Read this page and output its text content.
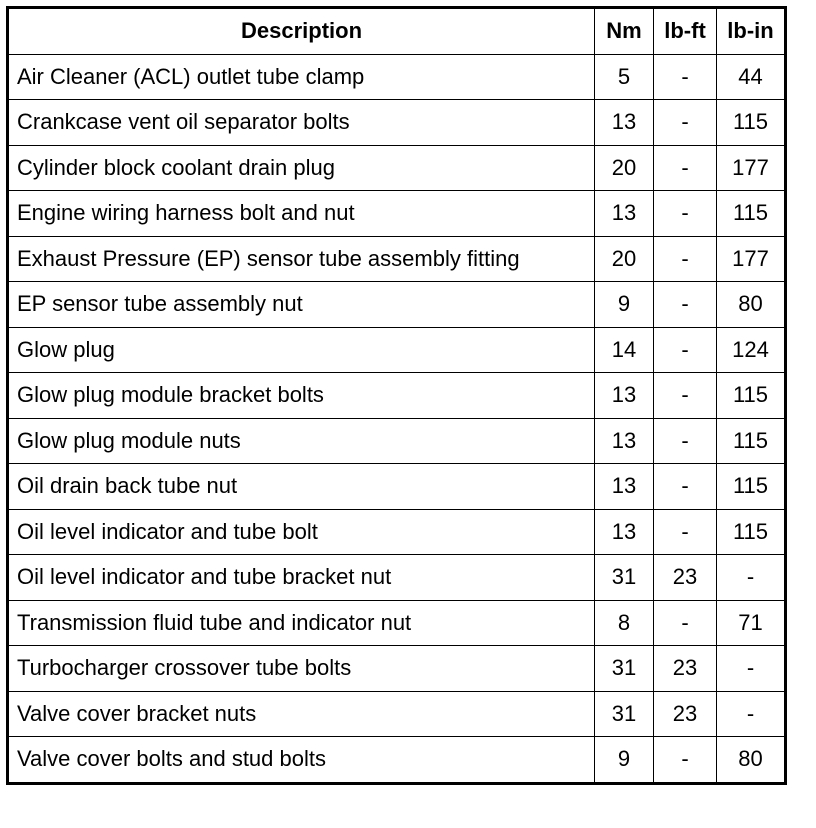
Description	Nm	lb-ft	lb-in
Air Cleaner (ACL) outlet tube clamp	5	-	44
Crankcase vent oil separator bolts	13	-	115
Cylinder block coolant drain plug	20	-	177
Engine wiring harness bolt and nut	13	-	115
Exhaust Pressure (EP) sensor tube assembly fitting	20	-	177
EP sensor tube assembly nut	9	-	80
Glow plug	14	-	124
Glow plug module bracket bolts	13	-	115
Glow plug module nuts	13	-	115
Oil drain back tube nut	13	-	115
Oil level indicator and tube bolt	13	-	115
Oil level indicator and tube bracket nut	31	23	-
Transmission fluid tube and indicator nut	8	-	71
Turbocharger crossover tube bolts	31	23	-
Valve cover bracket nuts	31	23	-
Valve cover bolts and stud bolts	9	-	80
